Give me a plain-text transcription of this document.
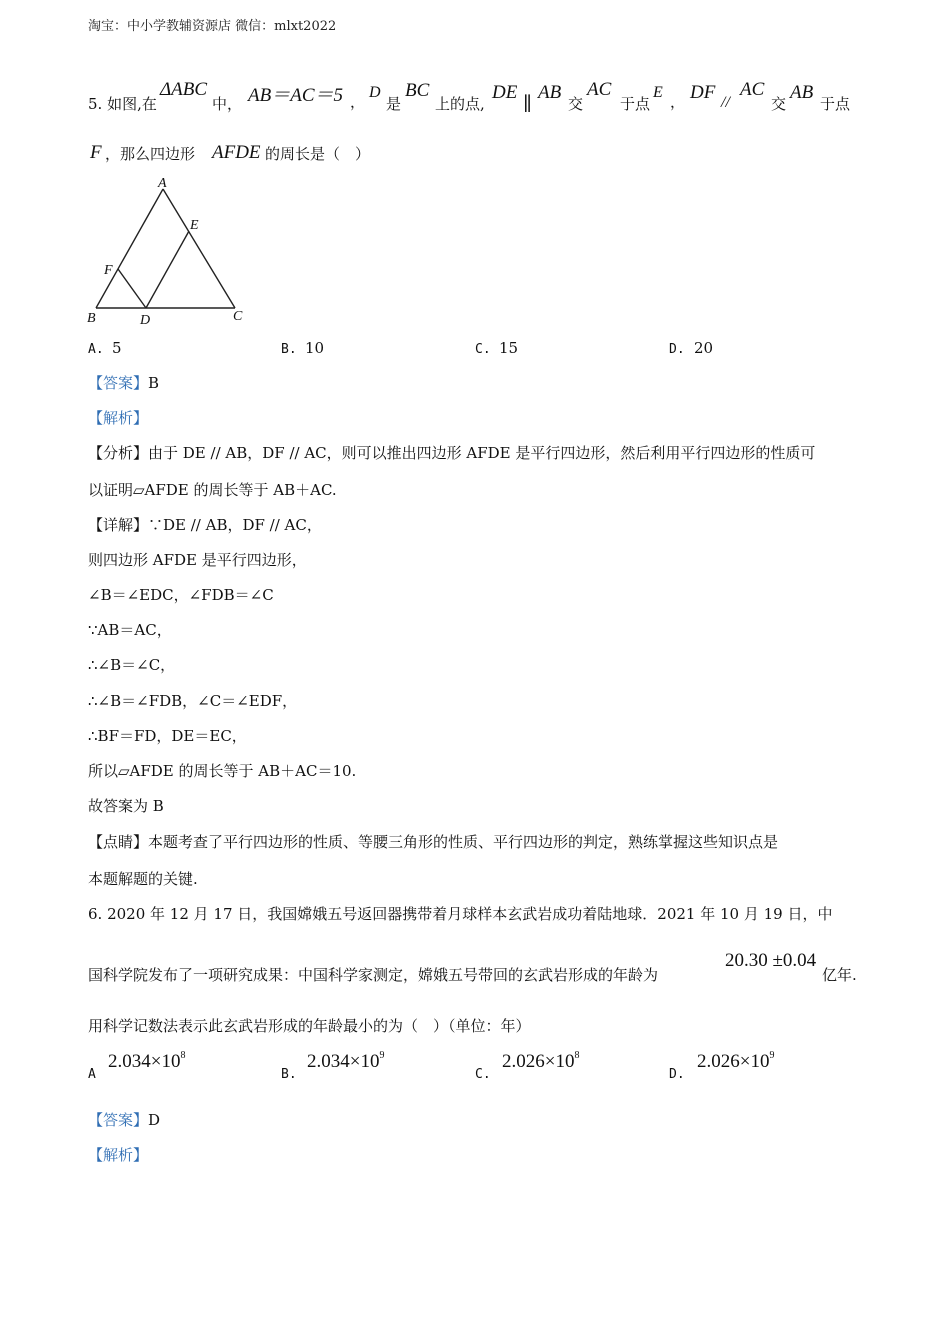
淘宝：中小学教辅资源店 微信：mlxt2022
5. 如图,在
ΔABC
中， AB＝AC＝5 ，
D
是
BC
上的点,
DE
∥
AB
交
AC
于点
E
， DF //
AC
交
AB
于点
F ，那么四边形 AFDE 的周长是（　）
A
E
F
B	D	C
A. 5	B. 10	C. 15	D. 20
【答案】B
【解析】
【分析】由于 DE // AB，DF // AC，则可以推出四边形 AFDE 是平行四边形，然后利用平行四边形的性质可
以证明▱AFDE 的周长等于 AB＋AC.
【详解】∵DE // AB，DF // AC，
则四边形 AFDE 是平行四边形，
∠B＝∠EDC，∠FDB＝∠C
∵AB＝AC，
∴∠B＝∠C，
∴∠B＝∠FDB，∠C＝∠EDF，
∴BF＝FD，DE＝EC，
所以▱AFDE 的周长等于 AB＋AC＝10.
故答案为 B
【点睛】本题考查了平行四边形的性质、等腰三角形的性质、平行四边形的判定，熟练掌握这些知识点是
本题解题的关键.
6. 2020 年 12 月 17 日，我国嫦娥五号返回器携带着月球样本玄武岩成功着陆地球．2021 年 10 月 19 日，中
国科学院发布了一项研究成果：中国科学家测定，嫦娥五号带回的玄武岩形成的年龄为
20.30 ±0.04
亿年.
用科学记数法表示此玄武岩形成的年龄最小的为（　）（单位：年）
A
$2.034\times 10^8$
B.
$2.034\times 10^9$
C.
$2.026\times 10^8$
D.
$2.026\times 10^9$
【答案】D
【解析】
